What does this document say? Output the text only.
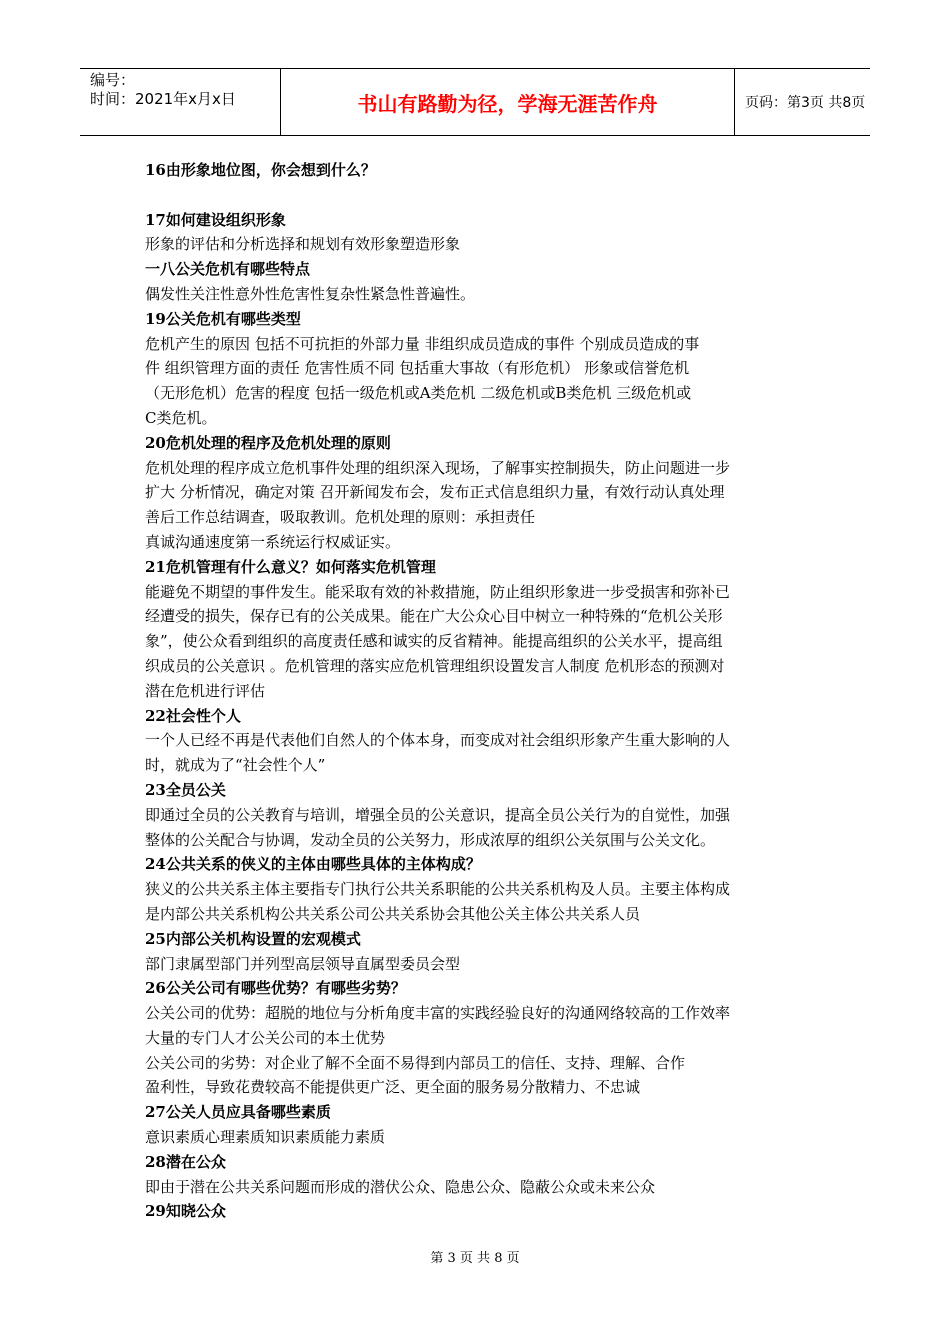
编号：
时间：2021年x月x日	书山有路勤为径，学海无涯苦作舟	页码：第3页 共8页

16由形象地位图，你会想到什么？

17如何建设组织形象

形象的评估和分析选择和规划有效形象塑造形象

一八公关危机有哪些特点

偶发性关注性意外性危害性复杂性紧急性普遍性。

19公关危机有哪些类型

危机产生的原因 包括不可抗拒的外部力量 非组织成员造成的事件 个别成员造成的事

件 组织管理方面的责任 危害性质不同 包括重大事故（有形危机） 形象或信誉危机

（无形危机）危害的程度 包括一级危机或A类危机 二级危机或B类危机 三级危机或

C类危机。

20危机处理的程序及危机处理的原则

危机处理的程序成立危机事件处理的组织深入现场，了解事实控制损失，防止问题进一步

扩大 分析情况，确定对策 召开新闻发布会，发布正式信息组织力量，有效行动认真处理

善后工作总结调查，吸取教训。危机处理的原则：承担责任

真诚沟通速度第一系统运行权威证实。

21危机管理有什么意义？如何落实危机管理

能避免不期望的事件发生。能采取有效的补救措施，防止组织形象进一步受损害和弥补已

经遭受的损失，保存已有的公关成果。能在广大公众心目中树立一种特殊的“危机公关形

象”，使公众看到组织的高度责任感和诚实的反省精神。能提高组织的公关水平，提高组

织成员的公关意识 。危机管理的落实应危机管理组织设置发言人制度 危机形态的预测对

潜在危机进行评估

22社会性个人

一个人已经不再是代表他们自然人的个体本身，而变成对社会组织形象产生重大影响的人

时，就成为了“社会性个人”

23全员公关

即通过全员的公关教育与培训，增强全员的公关意识，提高全员公关行为的自觉性，加强

整体的公关配合与协调，发动全员的公关努力，形成浓厚的组织公关氛围与公关文化。

24公共关系的侠义的主体由哪些具体的主体构成？

狭义的公共关系主体主要指专门执行公共关系职能的公共关系机构及人员。主要主体构成

是内部公共关系机构公共关系公司公共关系协会其他公关主体公共关系人员

25内部公关机构设置的宏观模式

部门隶属型部门并列型高层领导直属型委员会型

26公关公司有哪些优势？有哪些劣势？

公关公司的优势：超脱的地位与分析角度丰富的实践经验良好的沟通网络较高的工作效率

大量的专门人才公关公司的本土优势

公关公司的劣势：对企业了解不全面不易得到内部员工的信任、支持、理解、合作

盈利性，导致花费较高不能提供更广泛、更全面的服务易分散精力、不忠诚

27公关人员应具备哪些素质

意识素质心理素质知识素质能力素质

28潜在公众

即由于潜在公共关系问题而形成的潜伏公众、隐患公众、隐蔽公众或未来公众

29知晓公众

第 3 页 共 8 页
